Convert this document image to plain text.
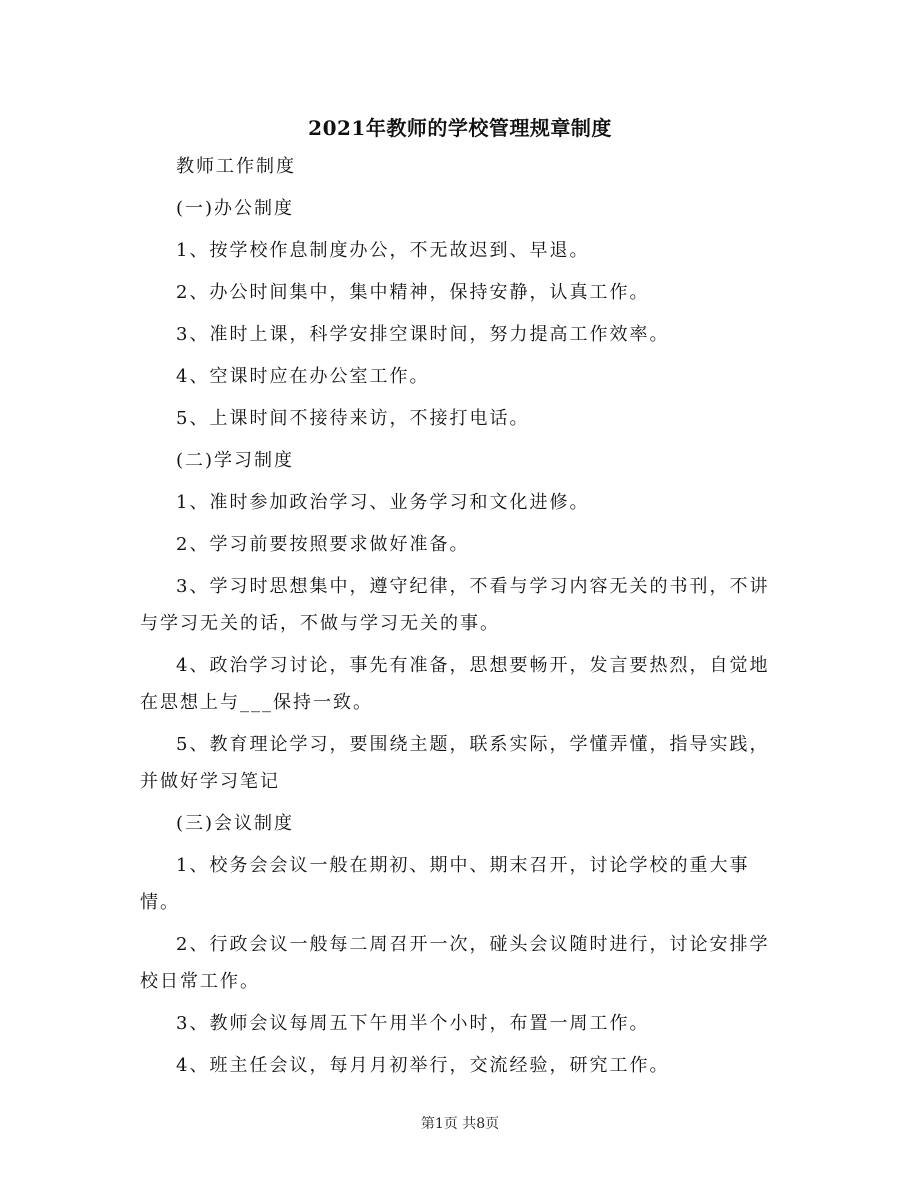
2021年教师的学校管理规章制度

教师工作制度

(一)办公制度

1、按学校作息制度办公，不无故迟到、早退。

2、办公时间集中，集中精神，保持安静，认真工作。

3、准时上课，科学安排空课时间，努力提高工作效率。

4、空课时应在办公室工作。

5、上课时间不接待来访，不接打电话。

(二)学习制度

1、准时参加政治学习、业务学习和文化进修。

2、学习前要按照要求做好准备。

3、学习时思想集中，遵守纪律，不看与学习内容无关的书刊，不讲与学习无关的话，不做与学习无关的事。

4、政治学习讨论，事先有准备，思想要畅开，发言要热烈，自觉地在思想上与___保持一致。

5、教育理论学习，要围绕主题，联系实际，学懂弄懂，指导实践，并做好学习笔记

(三)会议制度

1、校务会会议一般在期初、期中、期末召开，讨论学校的重大事情。

2、行政会议一般每二周召开一次，碰头会议随时进行，讨论安排学校日常工作。

3、教师会议每周五下午用半个小时，布置一周工作。

4、班主任会议，每月月初举行，交流经验，研究工作。

第1页 共8页
